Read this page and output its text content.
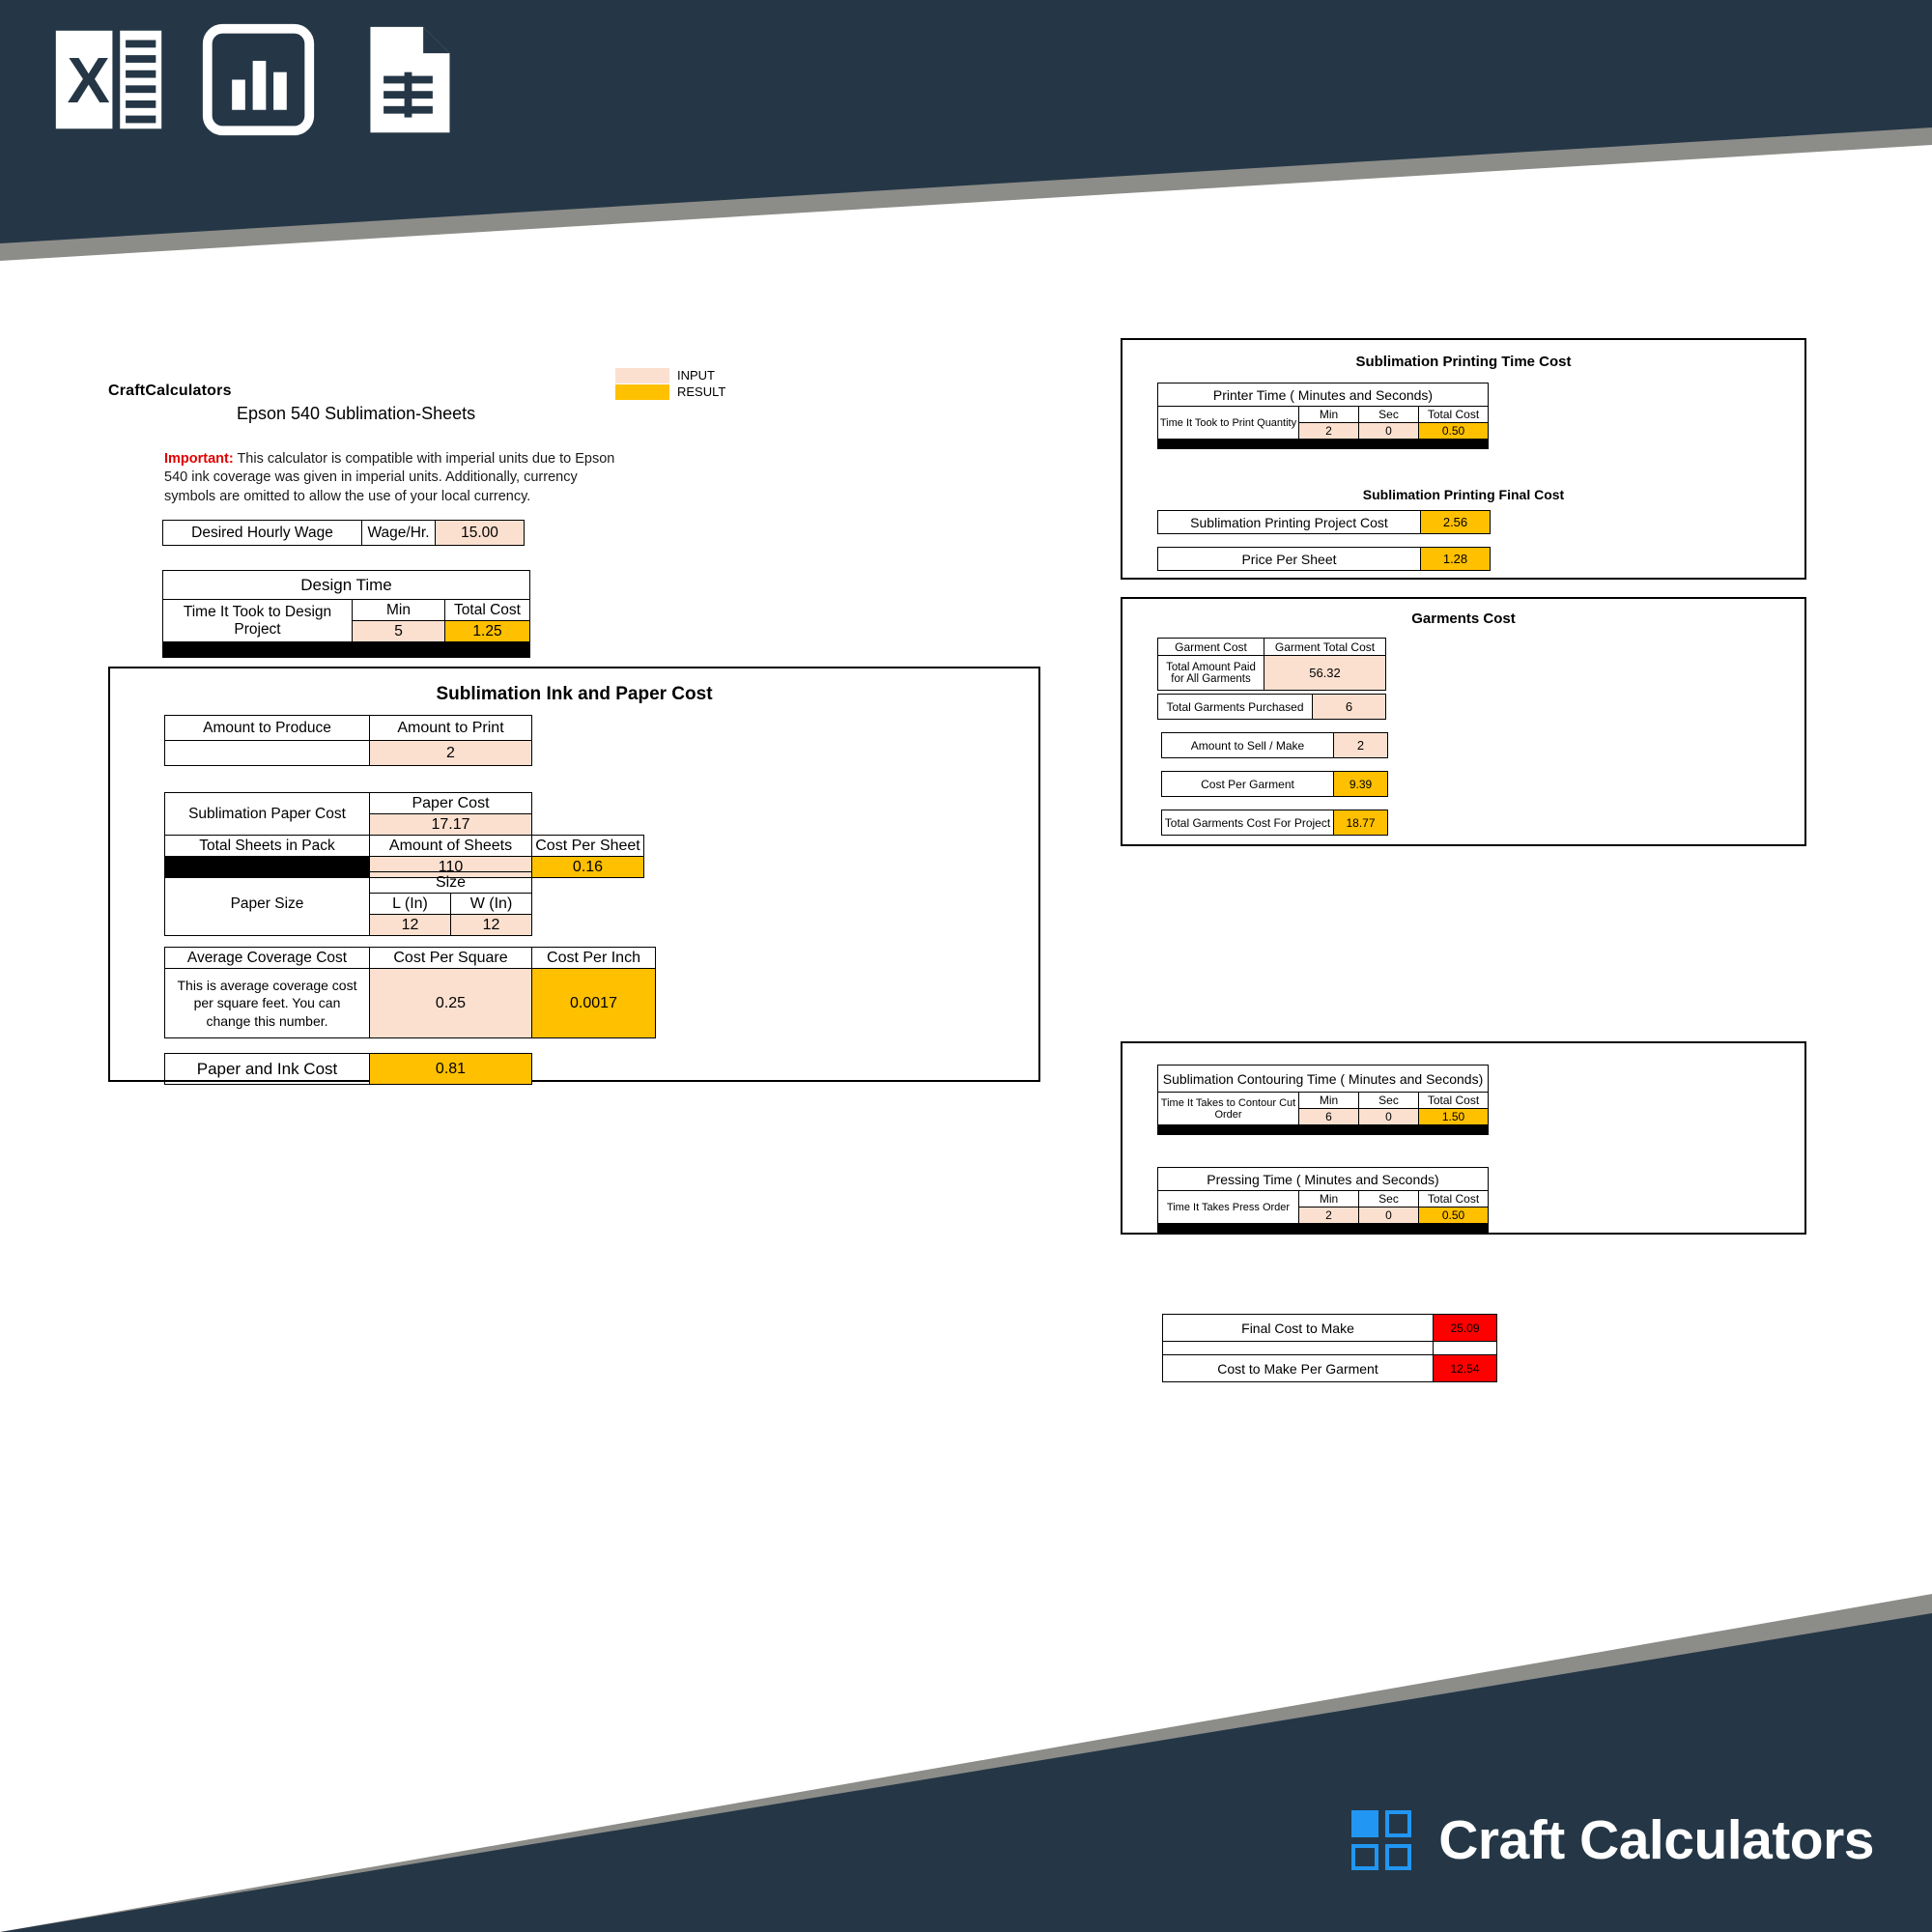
X
Craft Calculators
CraftCalculators
Epson 540 Sublimation-Sheets
INPUT
RESULT
Important: This calculator is compatible with imperial units due to Epson 540 ink coverage was given in imperial units. Additionally, currency symbols are omitted to allow the use of your local currency.
Desired Hourly Wage	Wage/Hr.	15.00
Design Time		
Time It Took to Design Project	Min	Total Cost
	5	1.25

Sublimation Ink and Paper Cost
Amount to Produce	Amount to Print
	2
Sublimation Paper Cost	Paper Cost	
	17.17	
Total Sheets in Pack	Amount of Sheets	Cost Per Sheet
	110	0.16
Paper Size	Size	
	L (In)	W (In)
	12	12
Average Coverage Cost	Cost Per Square	Cost Per Inch
This is average coverage cost per square feet. You can change this number.	0.25	0.0017
Paper and Ink Cost	0.81
Sublimation Printing Time Cost
Printer Time ( Minutes and Seconds)			
Time It Took to Print Quantity	Min	Sec	Total Cost
	2	0	0.50

Sublimation Printing Final Cost
Sublimation Printing Project Cost	2.56
Price Per Sheet	1.28
Garments Cost
Garment Cost	Garment Total Cost
Total Amount Paid for All Garments	56.32
Total Garments Purchased	6
Amount to Sell / Make	2
Cost Per Garment	9.39
Total Garments Cost For Project	18.77
Sublimation Contouring Time ( Minutes and Seconds)			
Time It Takes to Contour Cut Order	Min	Sec	Total Cost
	6	0	1.50

Pressing Time ( Minutes and Seconds)			
Time It Takes Press Order	Min	Sec	Total Cost
	2	0	0.50

Final Cost to Make	25.09

Cost to Make Per Garment	12.54
